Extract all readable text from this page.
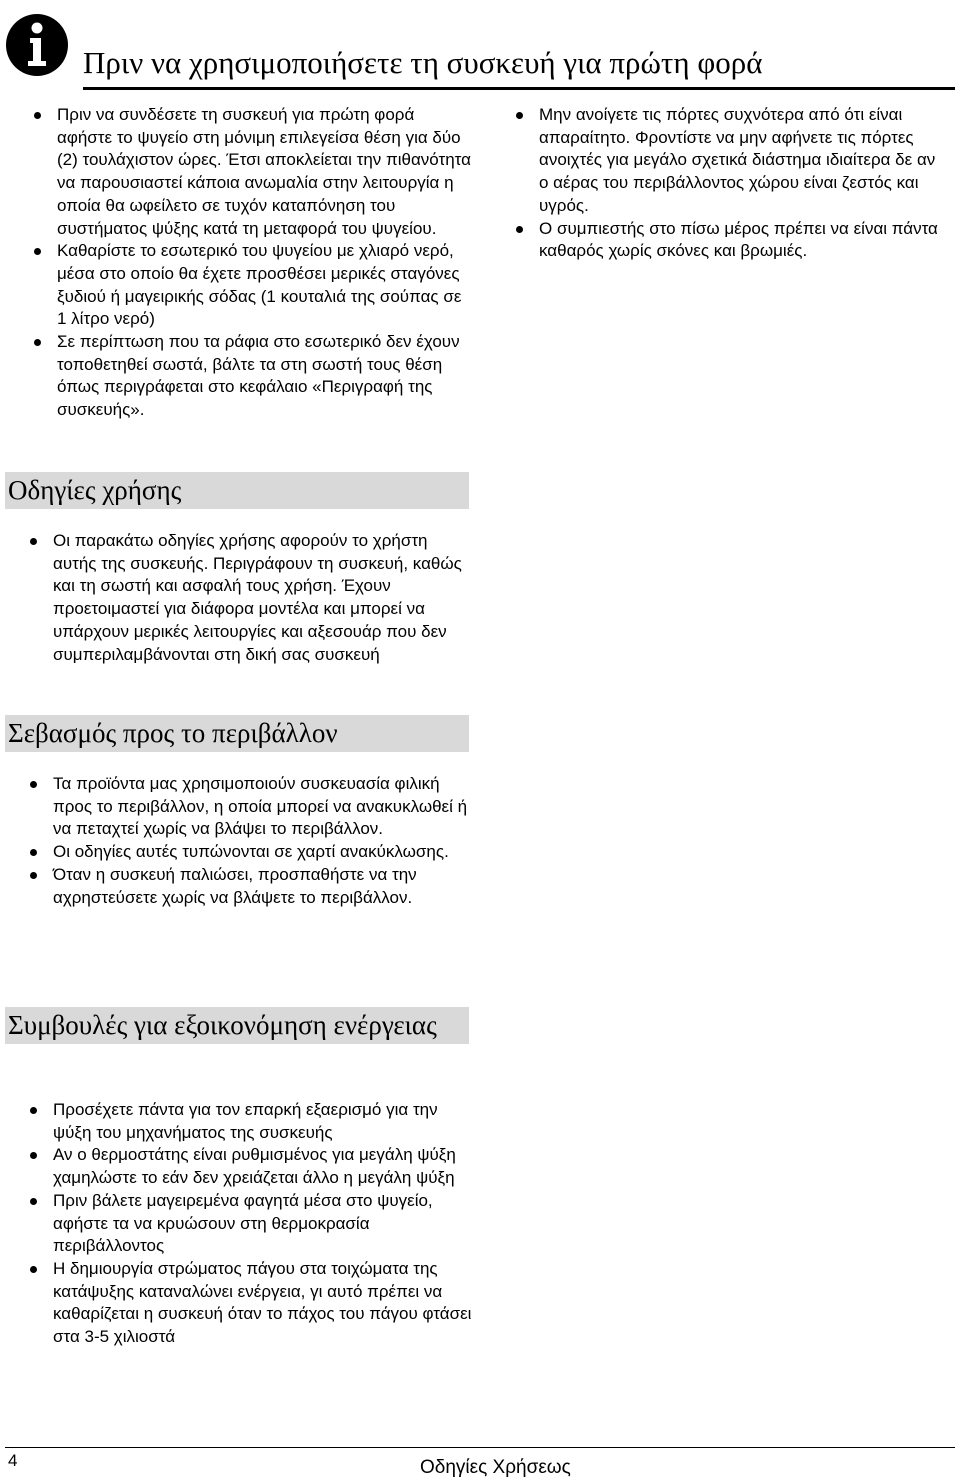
Πριν να χρησιμοποιήσετε τη συσκευή για πρώτη φορά
Πριν να συνδέσετε τη συσκευή για πρώτη φορά αφήστε το ψυγείο στη μόνιμη επιλεγείσα θέση για δύο (2) τουλάχιστον ώρες. Έτσι αποκλείεται την πιθανότητα να παρουσιαστεί κάποια ανωμαλία στην λειτουργία η οποία θα ωφείλετο σε τυχόν καταπόνηση του συστήματος ψύξης κατά τη μεταφορά του ψυγείου.
Καθαρίστε το εσωτερικό του ψυγείου με χλιαρό νερό, μέσα στο οποίο θα έχετε προσθέσει μερικές σταγόνες ξυδιού ή μαγειρικής σόδας (1 κουταλιά της σούπας σε 1 λίτρο νερό)
Σε περίπτωση που τα ράφια στο εσωτερικό δεν έχουν τοποθετηθεί σωστά, βάλτε τα στη σωστή τους θέση όπως περιγράφεται στο κεφάλαιο «Περιγραφή της συσκευής».
Μην ανοίγετε τις πόρτες συχνότερα από ότι είναι απαραίτητο. Φροντίστε να μην αφήνετε τις πόρτες ανοιχτές για μεγάλο σχετικά διάστημα ιδιαίτερα δε αν ο αέρας του περιβάλλοντος χώρου είναι ζεστός και υγρός.
Ο συμπιεστής στο πίσω μέρος πρέπει να είναι πάντα καθαρός χωρίς σκόνες και βρωμιές.
Οδηγίες χρήσης
Οι παρακάτω οδηγίες χρήσης αφορούν το χρήστη αυτής της συσκευής. Περιγράφουν τη συσκευή, καθώς και τη σωστή και ασφαλή τους χρήση. Έχουν προετοιμαστεί για διάφορα μοντέλα και μπορεί να υπάρχουν μερικές λειτουργίες και αξεσουάρ που δεν συμπεριλαμβάνονται στη δική σας συσκευή
Σεβασμός προς το περιβάλλον
Τα προϊόντα μας χρησιμοποιούν συσκευασία φιλική προς το περιβάλλον, η οποία μπορεί να ανακυκλωθεί ή να πεταχτεί χωρίς να βλάψει το περιβάλλον.
Οι οδηγίες αυτές τυπώνονται σε χαρτί ανακύκλωσης.
Όταν η συσκευή παλιώσει, προσπαθήστε να την αχρηστεύσετε χωρίς να βλάψετε το περιβάλλον.
Συμβουλές για εξοικονόμηση ενέργειας
Προσέχετε πάντα για τον επαρκή εξαερισμό για την ψύξη του μηχανήματος της συσκευής
Αν ο θερμοστάτης είναι ρυθμισμένος για μεγάλη ψύξη χαμηλώστε το εάν δεν χρειάζεται άλλο η μεγάλη ψύξη
Πριν βάλετε μαγειρεμένα φαγητά μέσα στο ψυγείο, αφήστε τα να κρυώσουν στη θερμοκρασία περιβάλλοντος
Η δημιουργία στρώματος πάγου στα τοιχώματα της κατάψυξης καταναλώνει ενέργεια, γι αυτό πρέπει να καθαρίζεται η συσκευή όταν το πάχος του πάγου φτάσει στα 3-5 χιλιοστά
4	Οδηγίες Χρήσεως
